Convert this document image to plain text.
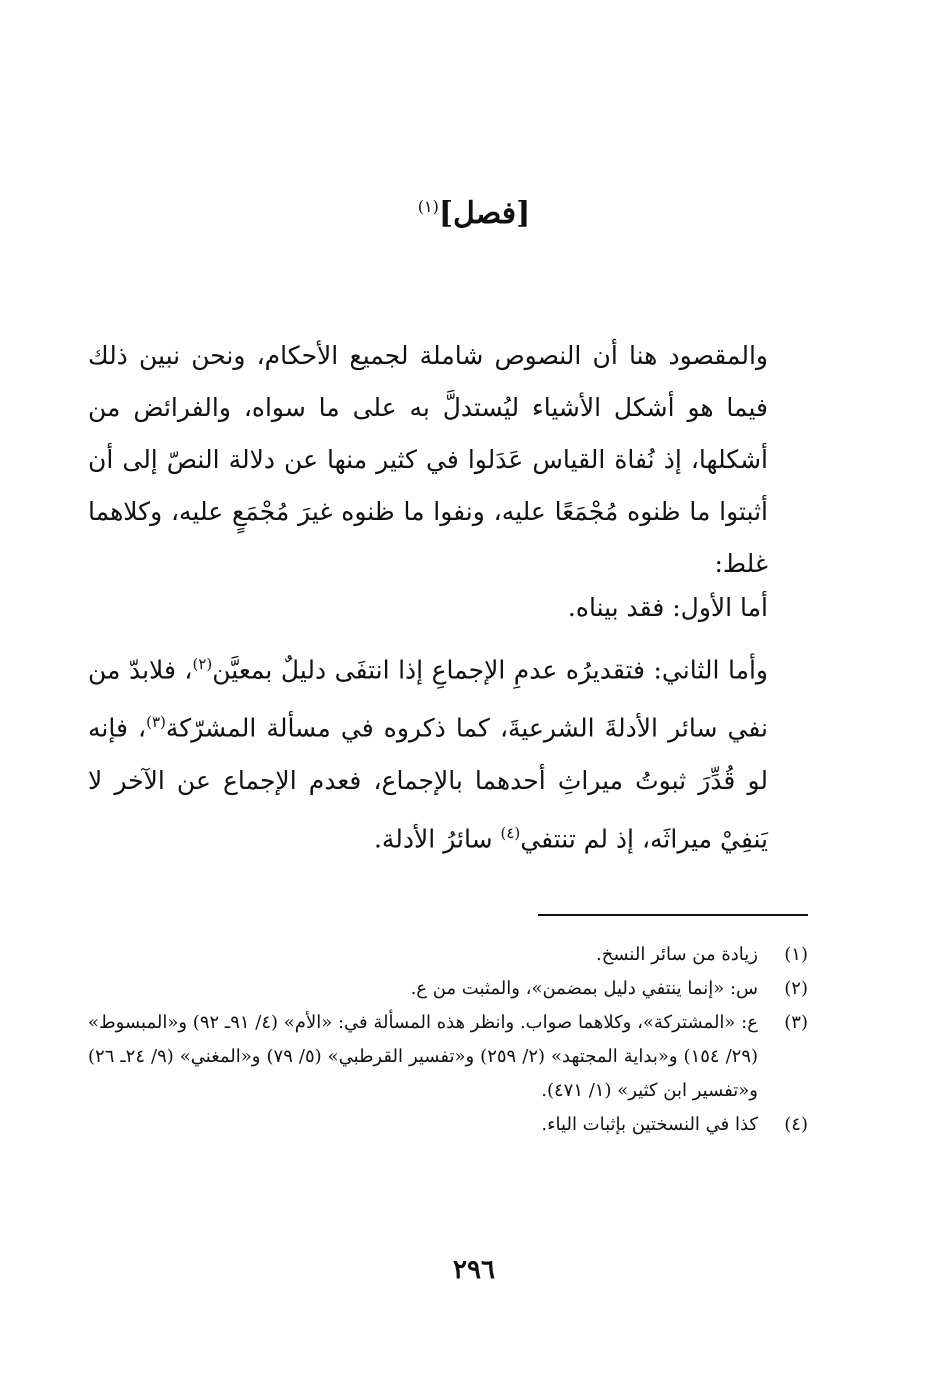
[فصل]$^{(١)}$
والمقصود هنا أن النصوص شاملة لجميع الأحكام، ونحن نبين ذلك فيما هو أشكل الأشياء ليُستدلَّ به على ما سواه، والفرائض من أشكلها، إذ نُفاة القياس عَدَلوا في كثير منها عن دلالة النصّ إلى أن أثبتوا ما ظنوه مُجْمَعًا عليه، ونفوا ما ظنوه غيرَ مُجْمَعٍ عليه، وكلاهما غلط:
أما الأول: فقد بيناه.
وأما الثاني: فتقديرُه عدمِ الإجماعِ إذا انتفَى دليلٌ بمعيَّن$^{(٢)}$، فلابدّ من نفي سائر الأدلةَ الشرعيةَ، كما ذكروه في مسألة المشرّكة$^{(٣)}$، فإنه لو قُدِّرَ ثبوتُ ميراثِ أحدهما بالإجماع، فعدم الإجماع عن الآخر لا يَنفِيْ ميراثَه، إذ لم تنتفي$^{(٤)}$ سائرُ الأدلة.
(١)
زيادة من سائر النسخ.
(٢)
س: «إنما ينتفي دليل بمضمن»، والمثبت من ع.
(٣)
ع: «المشتركة»، وكلاهما صواب. وانظر هذه المسألة في: «الأم» (٤/ ٩١ـ ٩٢) و«المبسوط» (٢٩/ ١٥٤) و«بداية المجتهد» (٢/ ٢٥٩) و«تفسير القرطبي» (٥/ ٧٩) و«المغني» (٩/ ٢٤ـ ٢٦) و«تفسير ابن كثير» (١/ ٤٧١).
(٤)
كذا في النسختين بإثبات الياء.
٢٩٦
